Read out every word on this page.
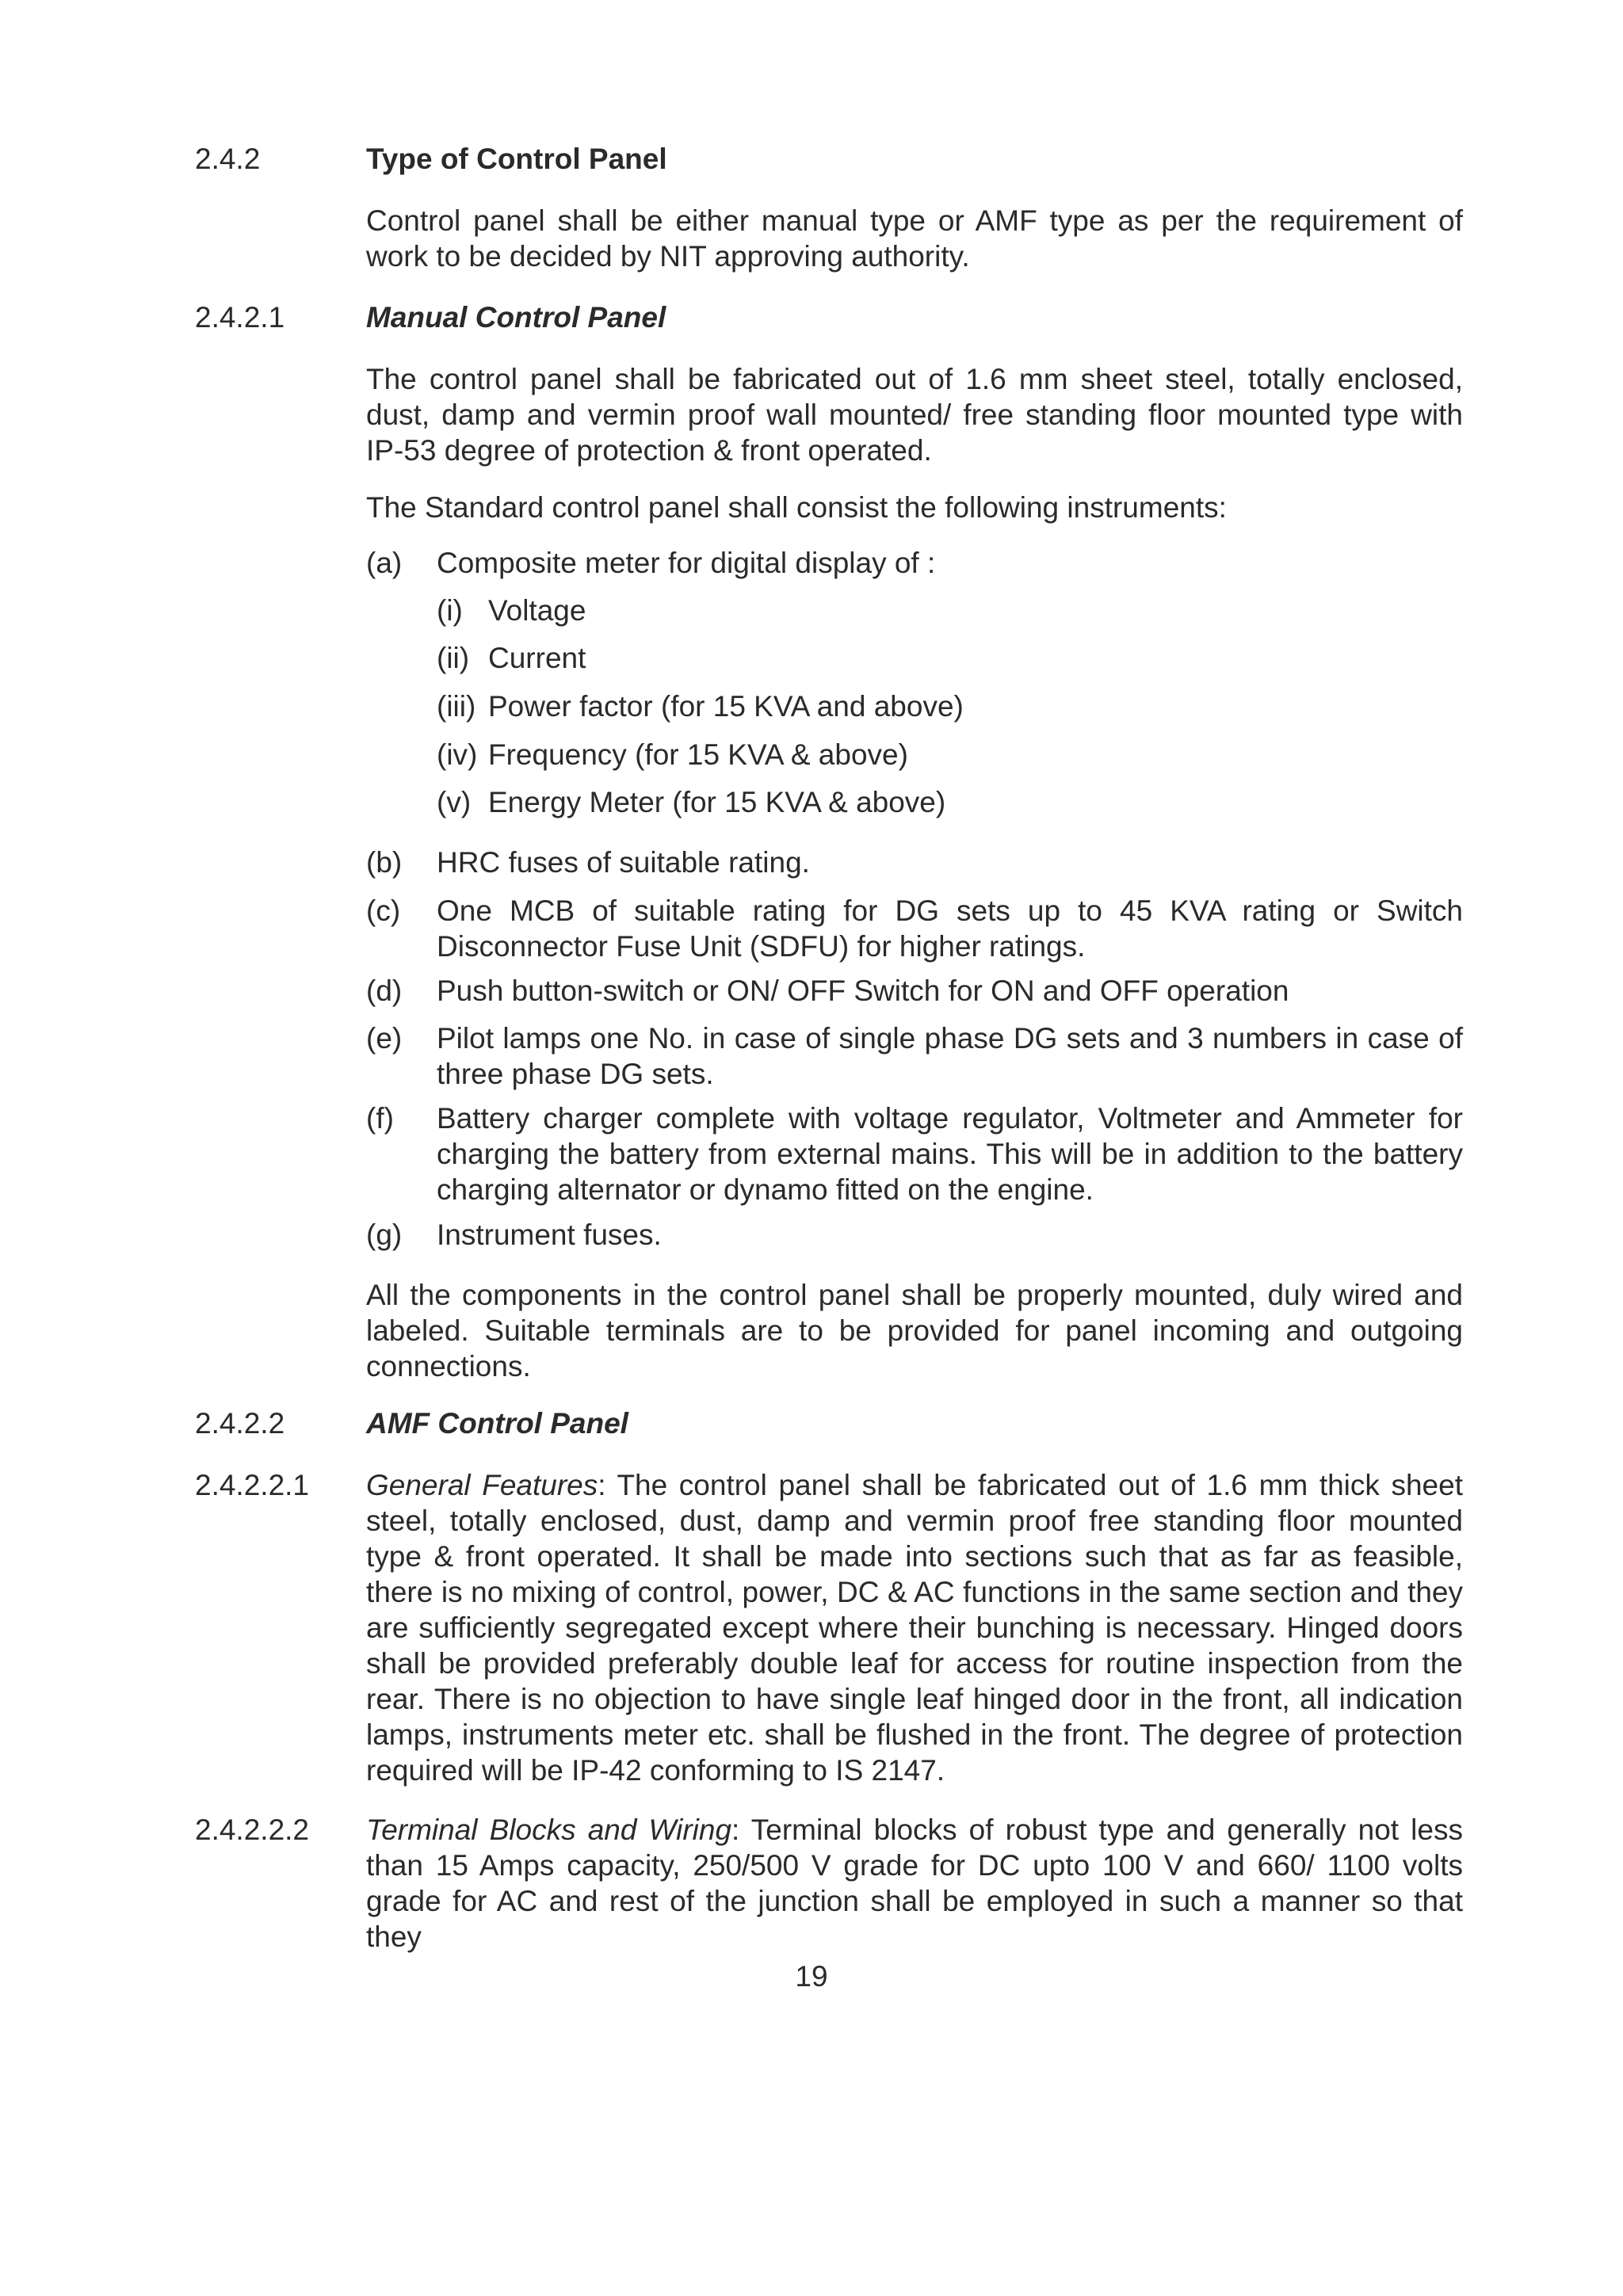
2.4.2	Type of Control Panel
Control panel shall be either manual type or AMF type as per the requirement of work to be decided by NIT approving authority.
2.4.2.1	Manual Control Panel
The control panel shall be fabricated out of 1.6 mm sheet steel, totally enclosed, dust, damp and vermin proof wall mounted/ free standing floor mounted type with IP-53 degree of protection & front operated.
The Standard control panel shall consist the following instruments:
(a) Composite meter for digital display of :
(i) Voltage
(ii) Current
(iii) Power factor (for 15 KVA and above)
(iv) Frequency (for 15 KVA & above)
(v) Energy Meter (for 15 KVA & above)
(b) HRC fuses of suitable rating.
(c) One MCB of suitable rating for DG sets up to 45 KVA rating or Switch Disconnector Fuse Unit (SDFU) for higher ratings.
(d) Push button-switch or ON/ OFF Switch for ON and OFF operation
(e) Pilot lamps one No. in case of single phase DG sets and 3 numbers in case of three phase DG sets.
(f) Battery charger complete with voltage regulator, Voltmeter and Ammeter for charging the battery from external mains. This will be in addition to the battery charging alternator or dynamo fitted on the engine.
(g) Instrument fuses.
All the components in the control panel shall be properly mounted, duly wired and labeled. Suitable terminals are to be provided for panel incoming and outgoing connections.
2.4.2.2	AMF Control Panel
2.4.2.2.1 General Features: The control panel shall be fabricated out of 1.6 mm thick sheet steel, totally enclosed, dust, damp and vermin proof free standing floor mounted type & front operated. It shall be made into sections such that as far as feasible, there is no mixing of control, power, DC & AC functions in the same section and they are sufficiently segregated except where their bunching is necessary. Hinged doors shall be provided preferably double leaf for access for routine inspection from the rear. There is no objection to have single leaf hinged door in the front, all indication lamps, instruments meter etc. shall be flushed in the front. The degree of protection required will be IP-42 conforming to IS 2147.
2.4.2.2.2 Terminal Blocks and Wiring: Terminal blocks of robust type and generally not less than 15 Amps capacity, 250/500 V grade for DC upto 100 V and 660/ 1100 volts grade for AC and rest of the junction shall be employed in such a manner so that they
19
